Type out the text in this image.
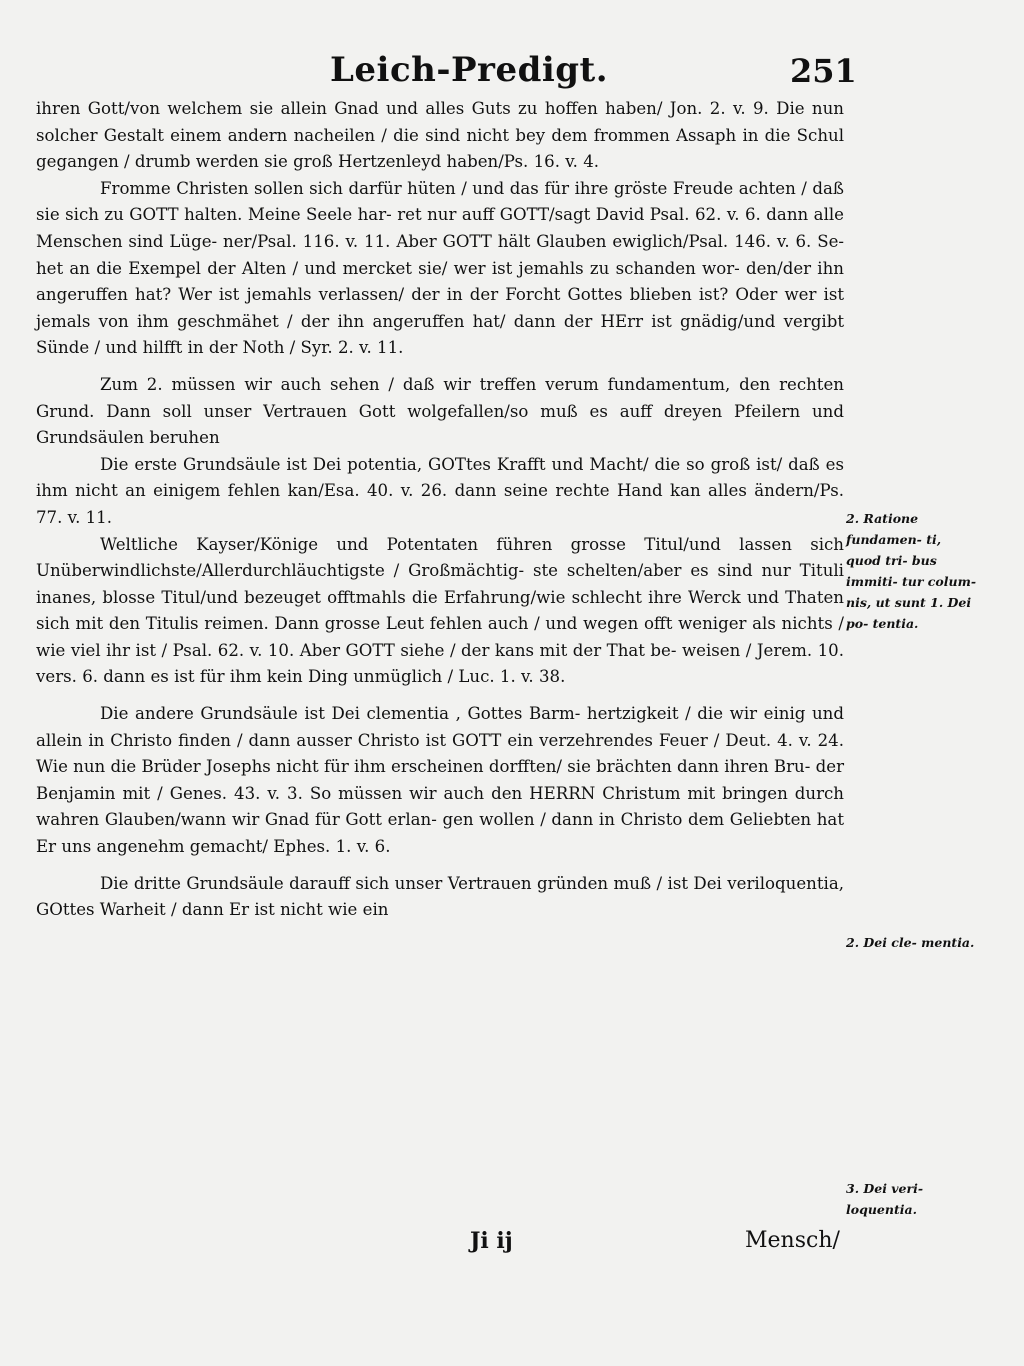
Leich-Predigt.	251

ihren Gott/von welchem sie allein Gnad und alles Guts zu hoffen haben/ Jon. 2. v. 9. Die nun solcher Gestalt einem andern nacheilen / die sind nicht bey dem frommen Assaph in die Schul gegangen / drumb werden sie groß Hertzenleyd haben/Ps. 16. v. 4.

Fromme Christen sollen sich darfür hüten / und das für ihre gröste Freude achten / daß sie sich zu GOTT halten. Meine Seele har- ret nur auff GOTT/sagt David Psal. 62. v. 6. dann alle Menschen sind Lüge- ner/Psal. 116. v. 11. Aber GOTT hält Glauben ewiglich/Psal. 146. v. 6. Se- het an die Exempel der Alten / und mercket sie/ wer ist jemahls zu schanden wor- den/der ihn angeruffen hat? Wer ist jemahls verlassen/ der in der Forcht Gottes blieben ist? Oder wer ist jemals von ihm geschmähet / der ihn angeruffen hat/ dann der HErr ist gnädig/und vergibt Sünde / und hilfft in der Noth / Syr. 2. v. 11.

Zum 2. müssen wir auch sehen / daß wir treffen verum fundamentum, den rechten Grund. Dann soll unser Vertrauen Gott wolgefallen/so muß es auff dreyen Pfeilern und Grundsäulen beruhen

Die erste Grundsäule ist Dei potentia, GOTtes Krafft und Macht/ die so groß ist/ daß es ihm nicht an einigem fehlen kan/Esa. 40. v. 26. dann seine rechte Hand kan alles ändern/Ps. 77. v. 11.

Weltliche Kayser/Könige und Potentaten führen grosse Titul/und lassen sich Unüberwindlichste/Allerdurchläuchtigste / Großmächtig- ste schelten/aber es sind nur Tituli inanes, blosse Titul/und bezeuget offtmahls die Erfahrung/wie schlecht ihre Werck und Thaten sich mit den Titulis reimen. Dann grosse Leut fehlen auch / und wegen offt weniger als nichts / wie viel ihr ist / Psal. 62. v. 10. Aber GOTT siehe / der kans mit der That be- weisen / Jerem. 10. vers. 6. dann es ist für ihm kein Ding unmüglich / Luc. 1. v. 38.

Die andere Grundsäule ist Dei clementia , Gottes Barm- hertzigkeit / die wir einig und allein in Christo finden / dann ausser Christo ist GOTT ein verzehrendes Feuer / Deut. 4. v. 24. Wie nun die Brüder Josephs nicht für ihm erscheinen dorfften/ sie brächten dann ihren Bru- der Benjamin mit / Genes. 43. v. 3. So müssen wir auch den HERRN Christum mit bringen durch wahren Glauben/wann wir Gnad für Gott erlan- gen wollen / dann in Christo dem Geliebten hat Er uns angenehm gemacht/ Ephes. 1. v. 6.

Die dritte Grundsäule darauff sich unser Vertrauen gründen muß / ist Dei veriloquentia, GOttes Warheit / dann Er ist nicht wie ein

2. Ratione fundamen- ti, quod tri- bus immiti- tur colum- nis, ut sunt 1. Dei po- tentia.
2. Dei cle- mentia.
3. Dei veri- loquentia.
Ji ij	Mensch/
